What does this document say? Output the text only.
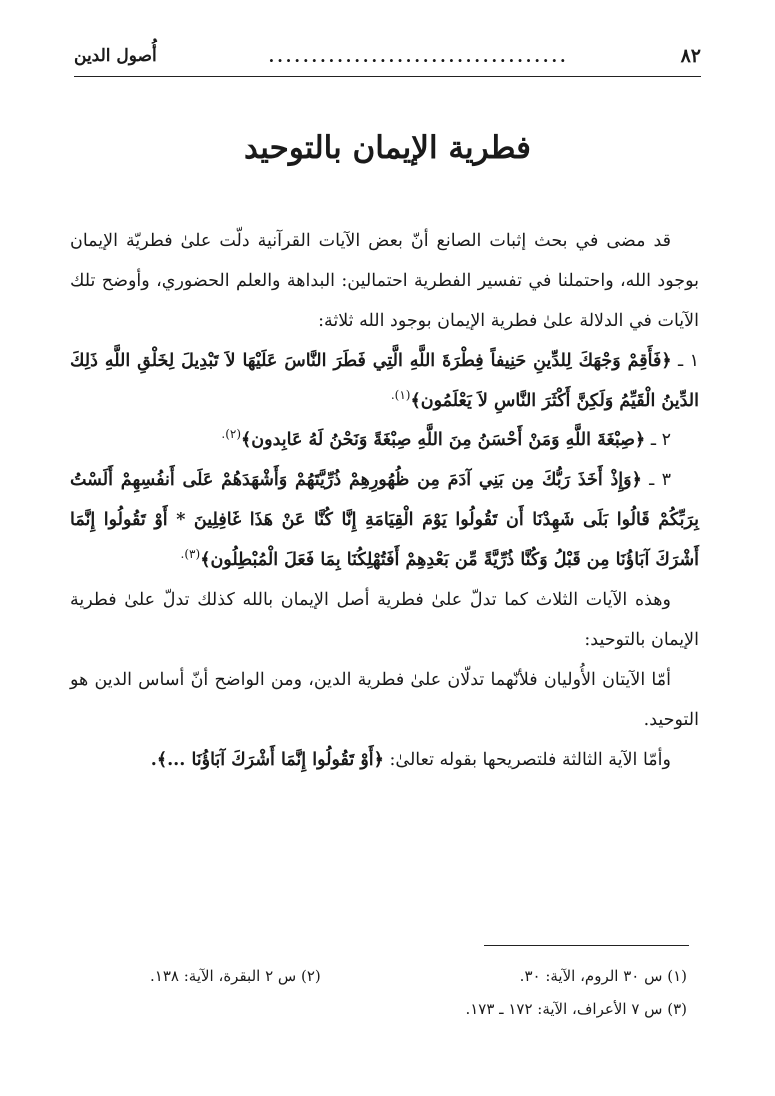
٨٢
...................................
أُصول الدين
فطرية الإيمان بالتوحيد

قد مضى في بحث إثبات الصانع أنّ بعض الآيات القرآنية دلّت علىٰ فطريّة الإيمان بوجود الله، واحتملنا في تفسير الفطرية احتمالين: البداهة والعلم الحضوري، وأوضح تلك الآيات في الدلالة علىٰ فطرية الإيمان بوجود الله ثلاثة:

١ ـ ﴿فَأَقِمْ وَجْهَكَ لِلدِّينِ حَنِيفاً فِطْرَةَ اللَّهِ الَّتِي فَطَرَ النَّاسَ عَلَيْهَا لاَ تَبْدِيلَ لِخَلْقِ اللَّهِ ذَلِكَ الدِّينُ الْقَيِّمُ وَلَكِنَّ أَكْثَرَ النَّاسِ لاَ يَعْلَمُون﴾$^{(١).}$

٢ ـ ﴿صِبْغَةَ اللَّهِ وَمَنْ أَحْسَنُ مِنَ اللَّهِ صِبْغَةً وَنَحْنُ لَهُ عَابِدون﴾$^{(٢).}$

٣ ـ ﴿وَإِذْ أَخَذَ رَبُّكَ مِن بَنِي آدَمَ مِن ظُهُورِهِمْ ذُرِّيَّتَهُمْ وَأَشْهَدَهُمْ عَلَى أَنفُسِهِمْ أَلَسْتُ بِرَبِّكُمْ قَالُوا بَلَى شَهِدْنَا أَن تَقُولُوا يَوْمَ الْقِيَامَةِ إِنَّا كُنَّا عَنْ هَذَا غَافِلِينَ * أَوْ تَقُولُوا إِنَّمَا أَشْرَكَ آبَاؤُنَا مِن قَبْلُ وَكُنَّا ذُرِّيَّةً مِّن بَعْدِهِمْ أَفَتُهْلِكُنَا بِمَا فَعَلَ الْمُبْطِلُون﴾$^{(٣).}$

وهذه الآيات الثلاث كما تدلّ علىٰ فطرية أصل الإيمان بالله كذلك تدلّ علىٰ فطرية الإيمان بالتوحيد:

أمّا الآيتان الأُوليان فلأنّهما تدلّان علىٰ فطرية الدين، ومن الواضح أنّ أساس الدين هو التوحيد.

وأمّا الآية الثالثة فلتصريحها بقوله تعالىٰ: ﴿أَوْ تَقُولُوا إِنَّمَا أَشْرَكَ آبَاؤُنَا ...﴾.

(١) س ٣٠ الروم، الآية: ٣٠.
(٢) س ٢ البقرة، الآية: ١٣٨.
(٣) س ٧ الأعراف، الآية: ١٧٢ ـ ١٧٣.
